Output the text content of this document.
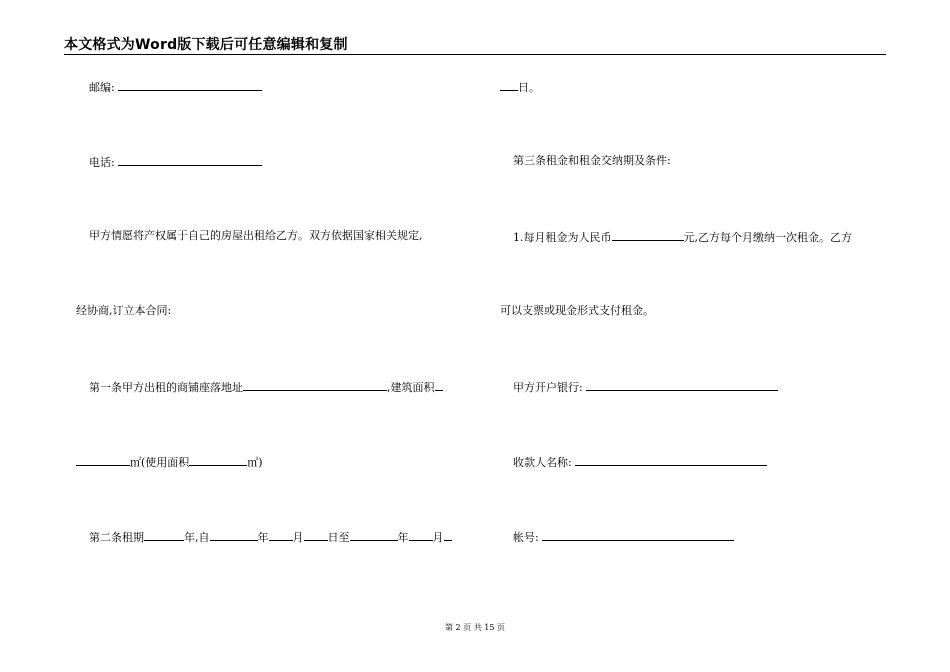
本文格式为Word版下载后可任意编辑和复制
邮编:
电话:
甲方情愿将产权属于自己的房屋出租给乙方。双方依据国家相关规定,
经协商,订立本合同:
第一条甲方出租的商铺座落地址	,建筑面积
㎡(使用面积	㎡)
第二条租期	年,自	年 月 日至	年 月
日。
第三条租金和租金交纳期及条件:
1.每月租金为人民币	元,乙方每个月缴纳一次租金。乙方
可以支票或现金形式支付租金。
甲方开户银行:
收款人名称:
帐号:
第 2 页 共 15 页
